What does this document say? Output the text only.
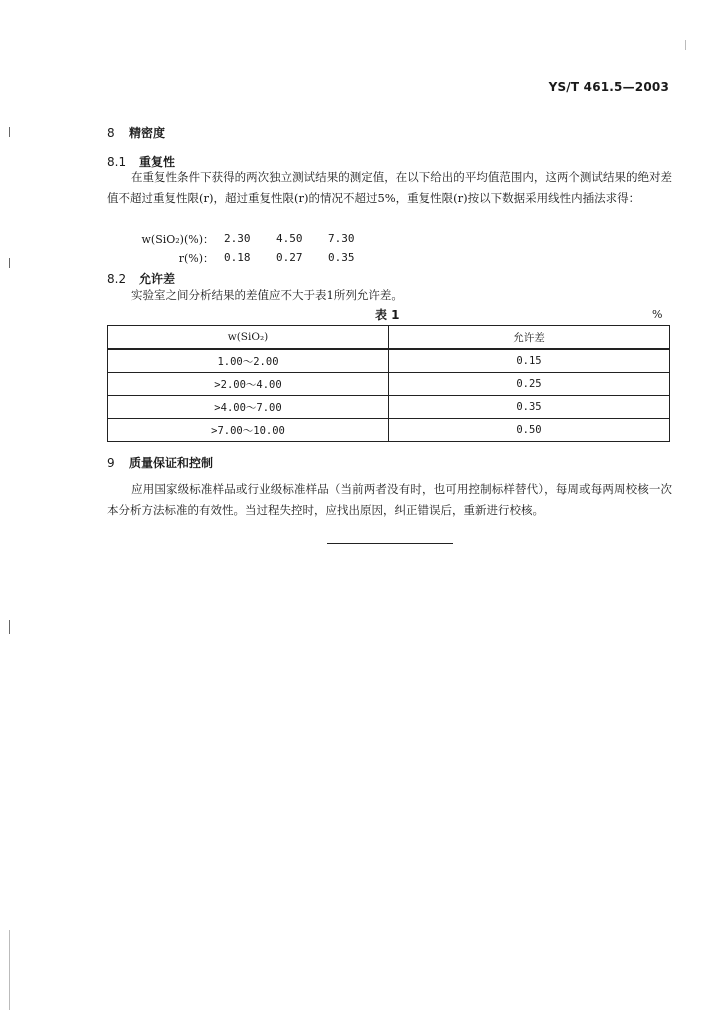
YS/T 461.5—2003
8 精密度
8.1 重复性
在重复性条件下获得的两次独立测试结果的测定值，在以下给出的平均值范围内，这两个测试结果的绝对差值不超过重复性限(r)，超过重复性限(r)的情况不超过5%，重复性限(r)按以下数据采用线性内插法求得：
w(SiO₂)(%)： 2.30 4.50 7.30
r(%)： 0.18 0.27 0.35
8.2 允许差
实验室之间分析结果的差值应不大于表1所列允许差。
表 1	%
w(SiO₂)	允许差
1.00～2.00	0.15
>2.00～4.00	0.25
>4.00～7.00	0.35
>7.00～10.00	0.50
9 质量保证和控制
应用国家级标准样品或行业级标准样品（当前两者没有时，也可用控制标样替代），每周或每两周校核一次本分析方法标准的有效性。当过程失控时，应找出原因，纠正错误后，重新进行校核。
